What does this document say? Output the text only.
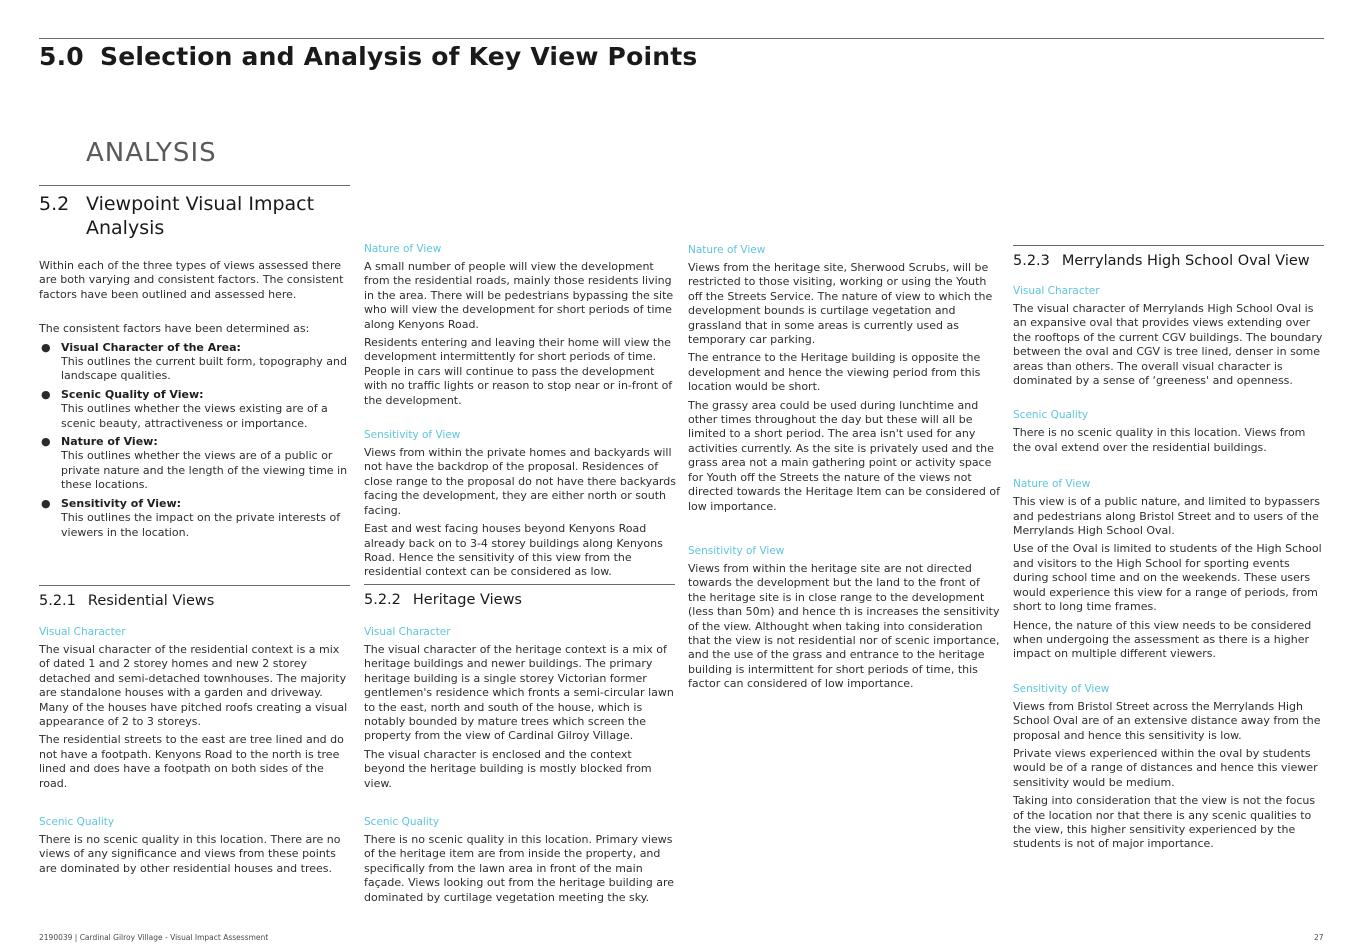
5.0 Selection and Analysis of Key View Points
ANALYSIS
5.2 Viewpoint Visual Impact Analysis

Within each of the three types of views assessed there are both varying and consistent factors. The consistent factors have been outlined and assessed here.

The consistent factors have been determined as:

● Visual Character of the Area:
This outlines the current built form, topography and landscape qualities.
● Scenic Quality of View:
This outlines whether the views existing are of a scenic beauty, attractiveness or importance.
● Nature of View:
This outlines whether the views are of a public or private nature and the length of the viewing time in these locations.
● Sensitivity of View:
This outlines the impact on the private interests of viewers in the location.
5.2.1 Residential Views

Visual Character

The visual character of the residential context is a mix of dated 1 and 2 storey homes and new 2 storey detached and semi-detached townhouses. The majority are standalone houses with a garden and driveway. Many of the houses have pitched roofs creating a visual appearance of 2 to 3 storeys.

The residential streets to the east are tree lined and do not have a footpath. Kenyons Road to the north is tree lined and does have a footpath on both sides of the road.

Scenic Quality

There is no scenic quality in this location. There are no views of any significance and views from these points are dominated by other residential houses and trees.

Nature of View

A small number of people will view the development from the residential roads, mainly those residents living in the area. There will be pedestrians bypassing the site who will view the development for short periods of time along Kenyons Road.

Residents entering and leaving their home will view the development intermittently for short periods of time. People in cars will continue to pass the development with no traffic lights or reason to stop near or in-front of the development.

Sensitivity of View

Views from within the private homes and backyards will not have the backdrop of the proposal. Residences of close range to the proposal do not have there backyards facing the development, they are either north or south facing.

East and west facing houses beyond Kenyons Road already back on to 3-4 storey buildings along Kenyons Road. Hence the sensitivity of this view from the residential context can be considered as low.

5.2.2 Heritage Views

Visual Character

The visual character of the heritage context is a mix of heritage buildings and newer buildings. The primary heritage building is a single storey Victorian former gentlemen's residence which fronts a semi-circular lawn to the east, north and south of the house, which is notably bounded by mature trees which screen the property from the view of Cardinal Gilroy Village.

The visual character is enclosed and the context beyond the heritage building is mostly blocked from view.

Scenic Quality

There is no scenic quality in this location. Primary views of the heritage item are from inside the property, and specifically from the lawn area in front of the main façade. Views looking out from the heritage building are dominated by curtilage vegetation meeting the sky.

Nature of View

Views from the heritage site, Sherwood Scrubs, will be restricted to those visiting, working or using the Youth off the Streets Service. The nature of view to which the development bounds is curtilage vegetation and grassland that in some areas is currently used as temporary car parking.

The entrance to the Heritage building is opposite the development and hence the viewing period from this location would be short.

The grassy area could be used during lunchtime and other times throughout the day but these will all be limited to a short period. The area isn't used for any activities currently. As the site is privately used and the grass area not a main gathering point or activity space for Youth off the Streets the nature of the views not directed towards the Heritage Item can be considered of low importance.

Sensitivity of View

Views from within the heritage site are not directed towards the development but the land to the front of the heritage site is in close range to the development (less than 50m) and hence th is increases the sensitivity of the view. Althought when taking into consideration that the view is not residential nor of scenic importance, and the use of the grass and entrance to the heritage building is intermittent for short periods of time, this factor can considered of low importance.

5.2.3 Merrylands High School Oval View

Visual Character

The visual character of Merrylands High School Oval is an expansive oval that provides views extending over the rooftops of the current CGV buildings. The boundary between the oval and CGV is tree lined, denser in some areas than others. The overall visual character is dominated by a sense of ‘greeness' and openness.

Scenic Quality

There is no scenic quality in this location. Views from the oval extend over the residential buildings.

Nature of View

This view is of a public nature, and limited to bypassers and pedestrians along Bristol Street and to users of the Merrylands High School Oval.

Use of the Oval is limited to students of the High School and visitors to the High School for sporting events during school time and on the weekends. These users would experience this view for a range of periods, from short to long time frames.

Hence, the nature of this view needs to be considered when undergoing the assessment as there is a higher impact on multiple different viewers.

Sensitivity of View

Views from Bristol Street across the Merrylands High School Oval are of an extensive distance away from the proposal and hence this sensitivity is low.

Private views experienced within the oval by students would be of a range of distances and hence this viewer sensitivity would be medium.

Taking into consideration that the view is not the focus of the location nor that there is any scenic qualities to the view, this higher sensitivity experienced by the students is not of major importance.

2190039 | Cardinal Gilroy Village - Visual Impact Assessment	27
